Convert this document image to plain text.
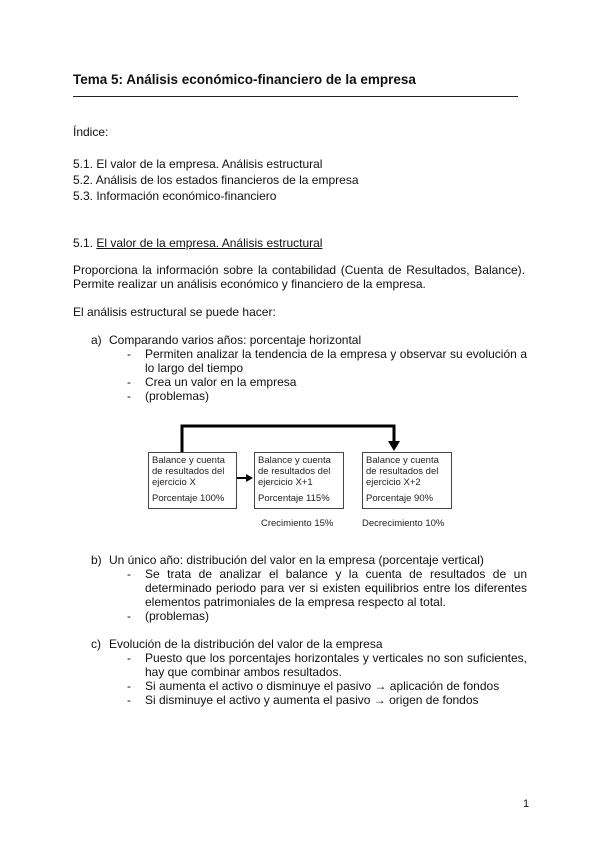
Tema 5: Análisis económico-financiero de la empresa
Índice:
5.1. El valor de la empresa. Análisis estructural
5.2. Análisis de los estados financieros de la empresa
5.3. Información económico-financiero
5.1. El valor de la empresa. Análisis estructural
Proporciona la información sobre la contabilidad (Cuenta de Resultados, Balance). Permite realizar un análisis económico y financiero de la empresa.
El análisis estructural se puede hacer:
a) Comparando varios años: porcentaje horizontal
-	Permiten analizar la tendencia de la empresa y observar su evolución a lo largo del tiempo
-	Crea un valor en la empresa
-	(problemas)
Balance y cuenta
de resultados del
ejercicio X
Porcentaje 100%
Balance y cuenta
de resultados del
ejercicio X+1
Porcentaje 115%
Balance y cuenta
de resultados del
ejercicio X+2
Porcentaje 90%
Crecimiento 15%	Decrecimiento 10%
b) Un único año: distribución del valor en la empresa (porcentaje vertical)
-	Se trata de analizar el balance y la cuenta de resultados de un determinado periodo para ver si existen equilibrios entre los diferentes elementos patrimoniales de la empresa respecto al total.
-	(problemas)
c) Evolución de la distribución del valor de la empresa
-	Puesto que los porcentajes horizontales y verticales no son suficientes, hay que combinar ambos resultados.
-	Si aumenta el activo o disminuye el pasivo → aplicación de fondos
-	Si disminuye el activo y aumenta el pasivo → origen de fondos
1
